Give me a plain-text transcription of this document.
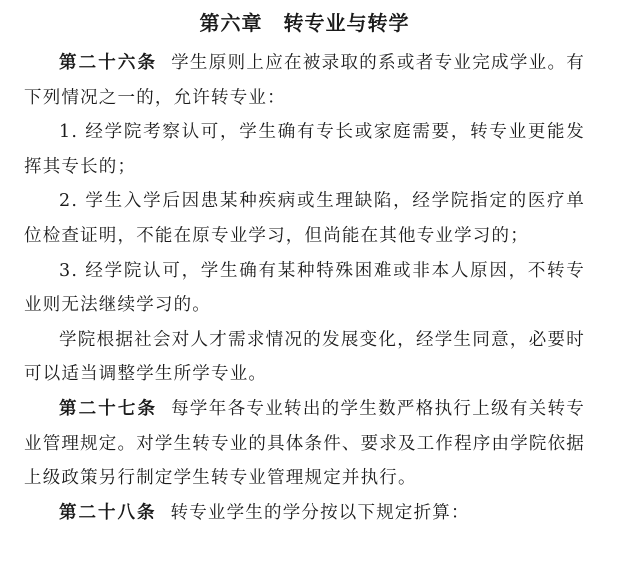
第六章　转专业与转学

第二十六条 学生原则上应在被录取的系或者专业完成学业。有下列情况之一的，允许转专业：

1. 经学院考察认可，学生确有专长或家庭需要，转专业更能发挥其专长的；

2. 学生入学后因患某种疾病或生理缺陷，经学院指定的医疗单位检查证明，不能在原专业学习，但尚能在其他专业学习的；

3. 经学院认可，学生确有某种特殊困难或非本人原因，不转专业则无法继续学习的。

学院根据社会对人才需求情况的发展变化，经学生同意，必要时可以适当调整学生所学专业。

第二十七条 每学年各专业转出的学生数严格执行上级有关转专业管理规定。对学生转专业的具体条件、要求及工作程序由学院依据上级政策另行制定学生转专业管理规定并执行。

第二十八条 转专业学生的学分按以下规定折算：
